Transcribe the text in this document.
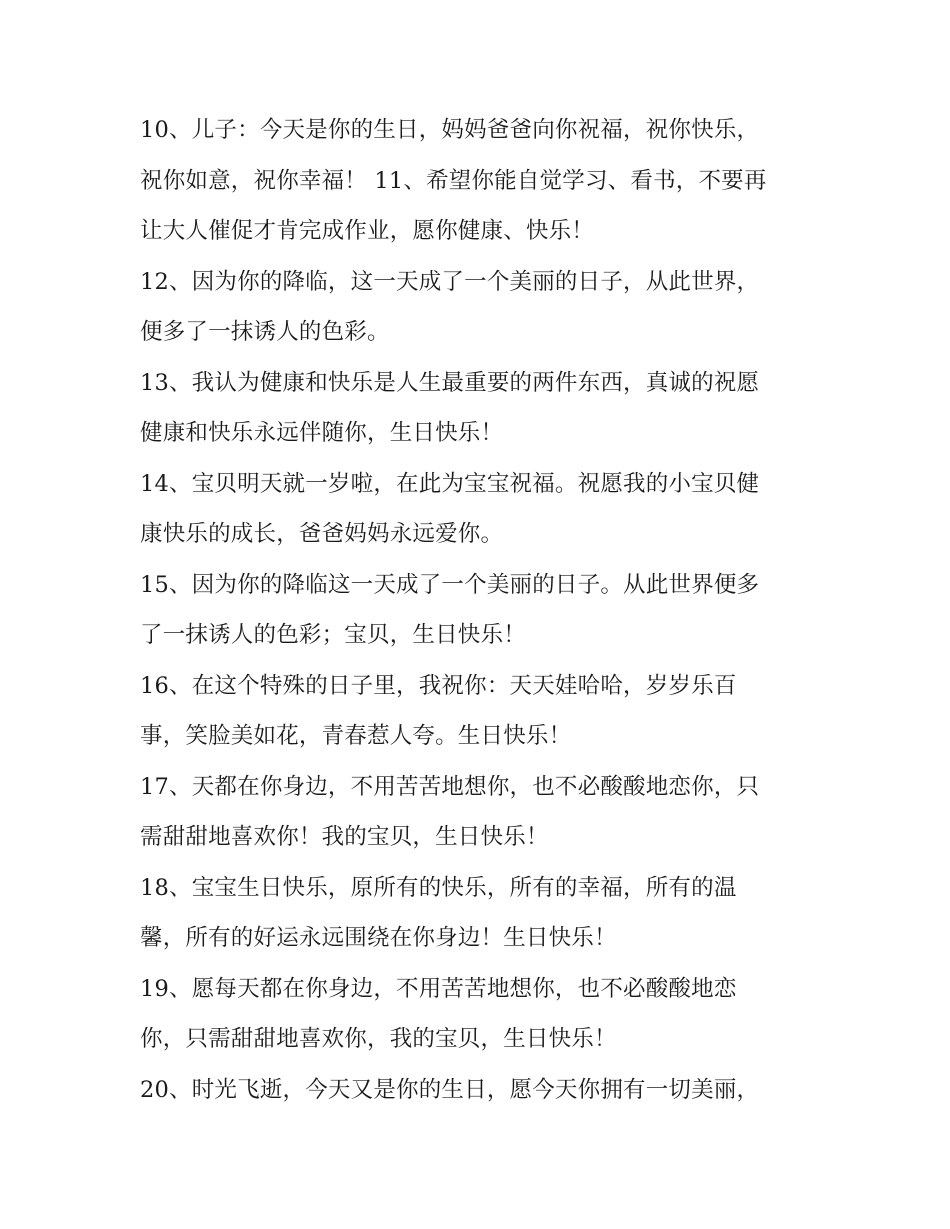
10、儿子：今天是你的生日，妈妈爸爸向你祝福，祝你快乐，
祝你如意，祝你幸福！ 11、希望你能自觉学习、看书，不要再
让大人催促才肯完成作业，愿你健康、快乐！
12、因为你的降临，这一天成了一个美丽的日子，从此世界，
便多了一抹诱人的色彩。
13、我认为健康和快乐是人生最重要的两件东西，真诚的祝愿
健康和快乐永远伴随你，生日快乐！
14、宝贝明天就一岁啦，在此为宝宝祝福。祝愿我的小宝贝健
康快乐的成长，爸爸妈妈永远爱你。
15、因为你的降临这一天成了一个美丽的日子。从此世界便多
了一抹诱人的色彩；宝贝，生日快乐！
16、在这个特殊的日子里，我祝你：天天娃哈哈，岁岁乐百
事，笑脸美如花，青春惹人夸。生日快乐！
17、天都在你身边，不用苦苦地想你，也不必酸酸地恋你，只
需甜甜地喜欢你！我的宝贝，生日快乐！
18、宝宝生日快乐，原所有的快乐，所有的幸福，所有的温
馨，所有的好运永远围绕在你身边！生日快乐！
19、愿每天都在你身边，不用苦苦地想你，也不必酸酸地恋
你，只需甜甜地喜欢你，我的宝贝，生日快乐！
20、时光飞逝，今天又是你的生日，愿今天你拥有一切美丽，
